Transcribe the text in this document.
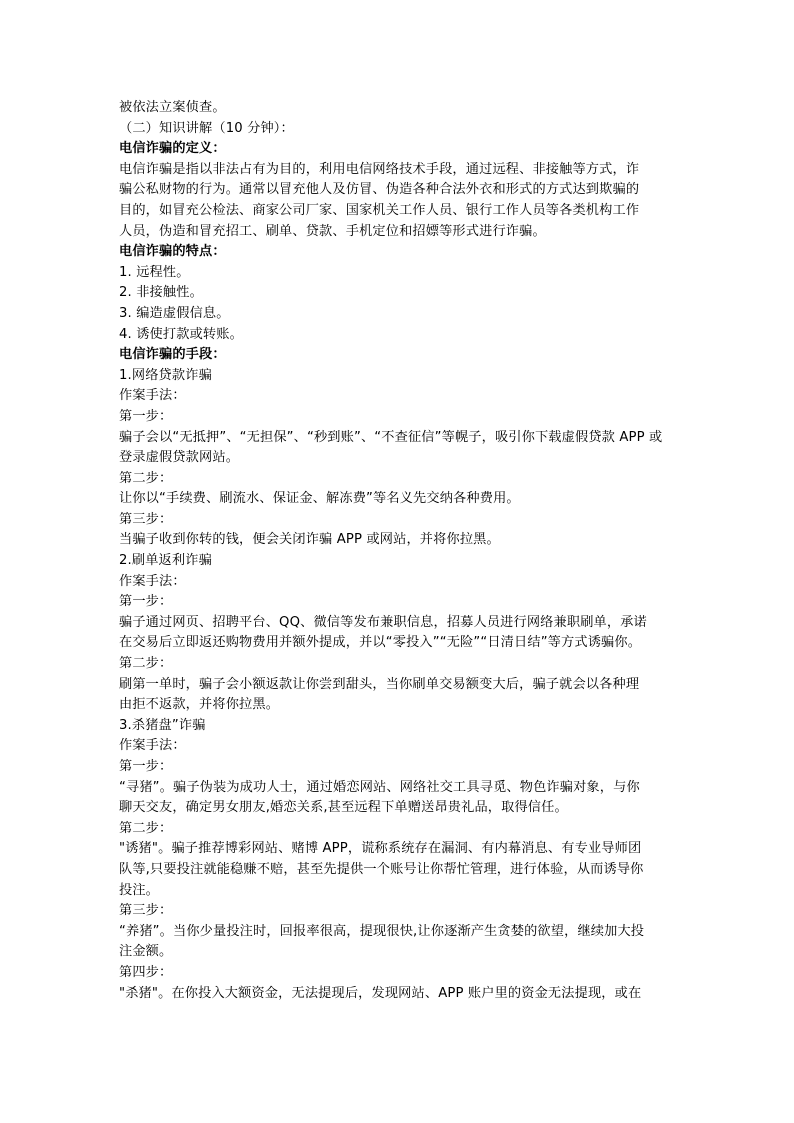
被依法立案侦查。
（二）知识讲解（10 分钟）：
电信诈骗的定义：
电信诈骗是指以非法占有为目的，利用电信网络技术手段，通过远程、非接触等方式，诈
骗公私财物的行为。通常以冒充他人及仿冒、伪造各种合法外衣和形式的方式达到欺骗的
目的，如冒充公检法、商家公司厂家、国家机关工作人员、银行工作人员等各类机构工作
人员，伪造和冒充招工、刷单、贷款、手机定位和招嫖等形式进行诈骗。
电信诈骗的特点：
1. 远程性。
2. 非接触性。
3. 编造虚假信息。
4. 诱使打款或转账。
电信诈骗的手段：
1.网络贷款诈骗
作案手法：
第一步：
骗子会以“无抵押”、“无担保”、“秒到账”、“不查征信”等幌子，吸引你下载虚假贷款 APP 或
登录虚假贷款网站。
第二步：
让你以“手续费、刷流水、保证金、解冻费”等名义先交纳各种费用。
第三步：
当骗子收到你转的钱，便会关闭诈骗 APP 或网站，并将你拉黑。
2.刷单返利诈骗
作案手法：
第一步：
骗子通过网页、招聘平台、QQ、微信等发布兼职信息，招募人员进行网络兼职刷单，承诺
在交易后立即返还购物费用并额外提成，并以“零投入”“无险”“日清日结”等方式诱骗你。
第二步：
刷第一单时，骗子会小额返款让你尝到甜头，当你刷单交易额变大后，骗子就会以各种理
由拒不返款，并将你拉黑。
3.杀猪盘”诈骗
作案手法：
第一步：
“寻猪”。骗子伪装为成功人士，通过婚恋网站、网络社交工具寻觅、物色诈骗对象，与你
聊天交友，确定男女朋友,婚恋关系,甚至远程下单赠送昂贵礼品，取得信任。
第二步：
"诱猪"。骗子推荐博彩网站、赌博 APP，谎称系统存在漏洞、有内幕消息、有专业导师团
队等,只要投注就能稳赚不赔，甚至先提供一个账号让你帮忙管理，进行体验，从而诱导你
投注。
第三步：
“养猪”。当你少量投注时，回报率很高，提现很快,让你逐渐产生贪婪的欲望，继续加大投
注金额。
第四步：
"杀猪"。在你投入大额资金，无法提现后，发现网站、APP 账户里的资金无法提现，或在
